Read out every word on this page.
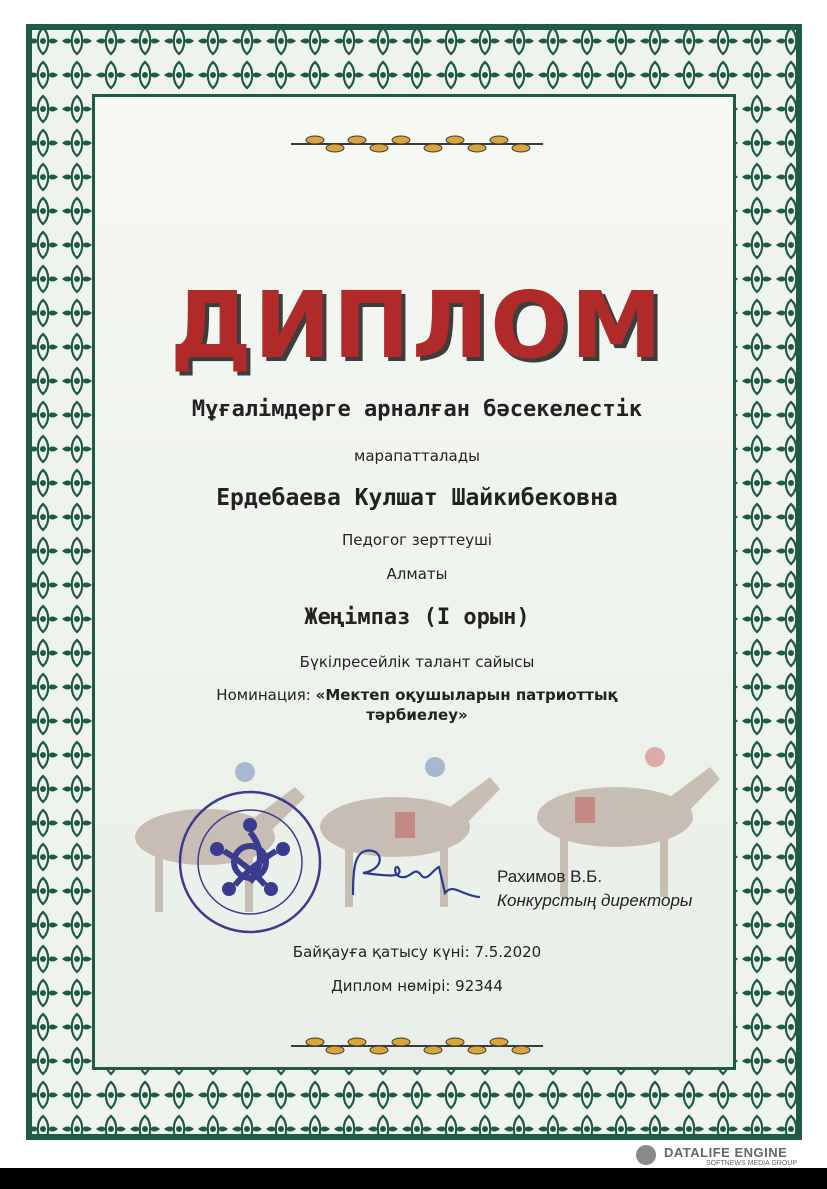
ДИПЛОМ
Мұғалімдерге арналған бәсекелестік
марапатталады
Ердебаева Кулшат Шайкибековна
Педогог зерттеуші
Алматы
Жеңімпаз (I орын)
Бүкілресейлік талант сайысы
Номинация: «Мектеп оқушыларын патриоттық тәрбиелеу»
Рахимов В.Б.
Конкурстың директоры
Байқауға қатысу күні: 7.5.2020
Диплом нөмірі: 92344
DATALIFE ENGINE
SOFTNEWS MEDIA GROUP
